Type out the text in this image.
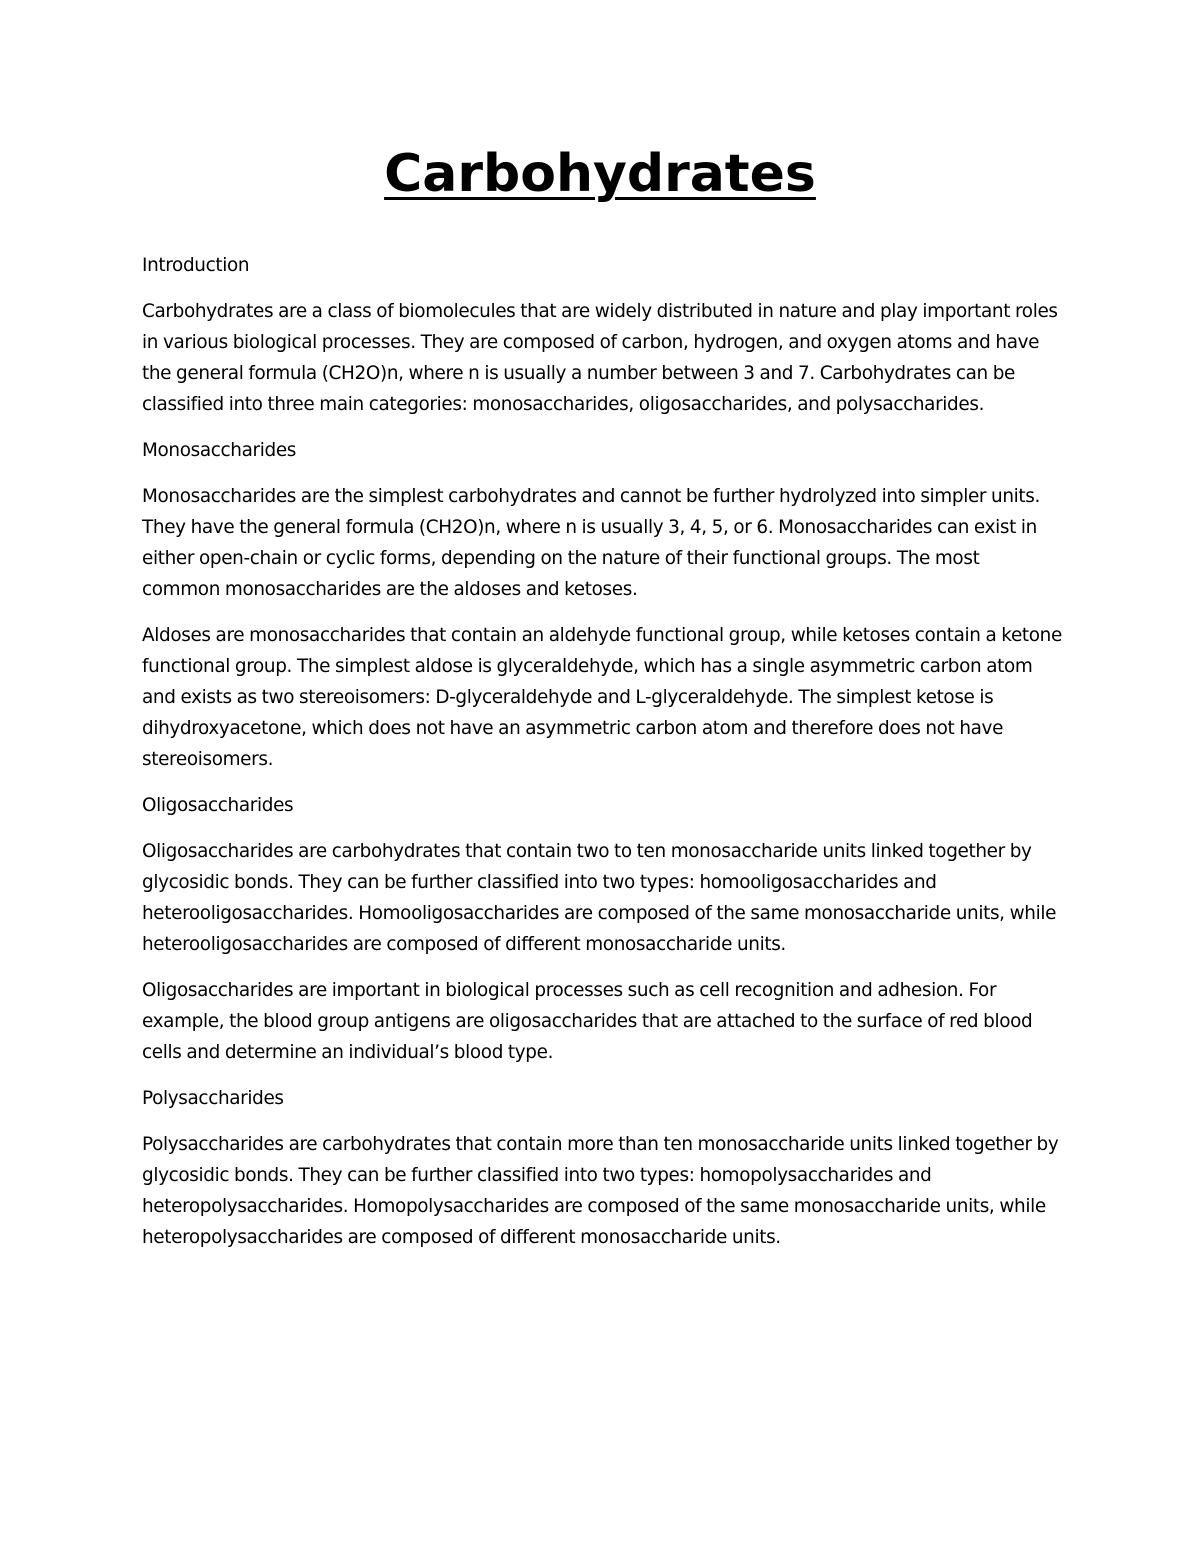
Carbohydrates

Introduction

Carbohydrates are a class of biomolecules that are widely distributed in nature and play important roles in various biological processes. They are composed of carbon, hydrogen, and oxygen atoms and have the general formula (CH2O)n, where n is usually a number between 3 and 7. Carbohydrates can be classified into three main categories: monosaccharides, oligosaccharides, and polysaccharides.

Monosaccharides

Monosaccharides are the simplest carbohydrates and cannot be further hydrolyzed into simpler units. They have the general formula (CH2O)n, where n is usually 3, 4, 5, or 6. Monosaccharides can exist in either open-chain or cyclic forms, depending on the nature of their functional groups. The most common monosaccharides are the aldoses and ketoses.

Aldoses are monosaccharides that contain an aldehyde functional group, while ketoses contain a ketone functional group. The simplest aldose is glyceraldehyde, which has a single asymmetric carbon atom and exists as two stereoisomers: D-glyceraldehyde and L-glyceraldehyde. The simplest ketose is dihydroxyacetone, which does not have an asymmetric carbon atom and therefore does not have stereoisomers.

Oligosaccharides

Oligosaccharides are carbohydrates that contain two to ten monosaccharide units linked together by glycosidic bonds. They can be further classified into two types: homooligosaccharides and heterooligosaccharides. Homooligosaccharides are composed of the same monosaccharide units, while heterooligosaccharides are composed of different monosaccharide units.

Oligosaccharides are important in biological processes such as cell recognition and adhesion. For example, the blood group antigens are oligosaccharides that are attached to the surface of red blood cells and determine an individual’s blood type.

Polysaccharides

Polysaccharides are carbohydrates that contain more than ten monosaccharide units linked together by glycosidic bonds. They can be further classified into two types: homopolysaccharides and heteropolysaccharides. Homopolysaccharides are composed of the same monosaccharide units, while heteropolysaccharides are composed of different monosaccharide units.
